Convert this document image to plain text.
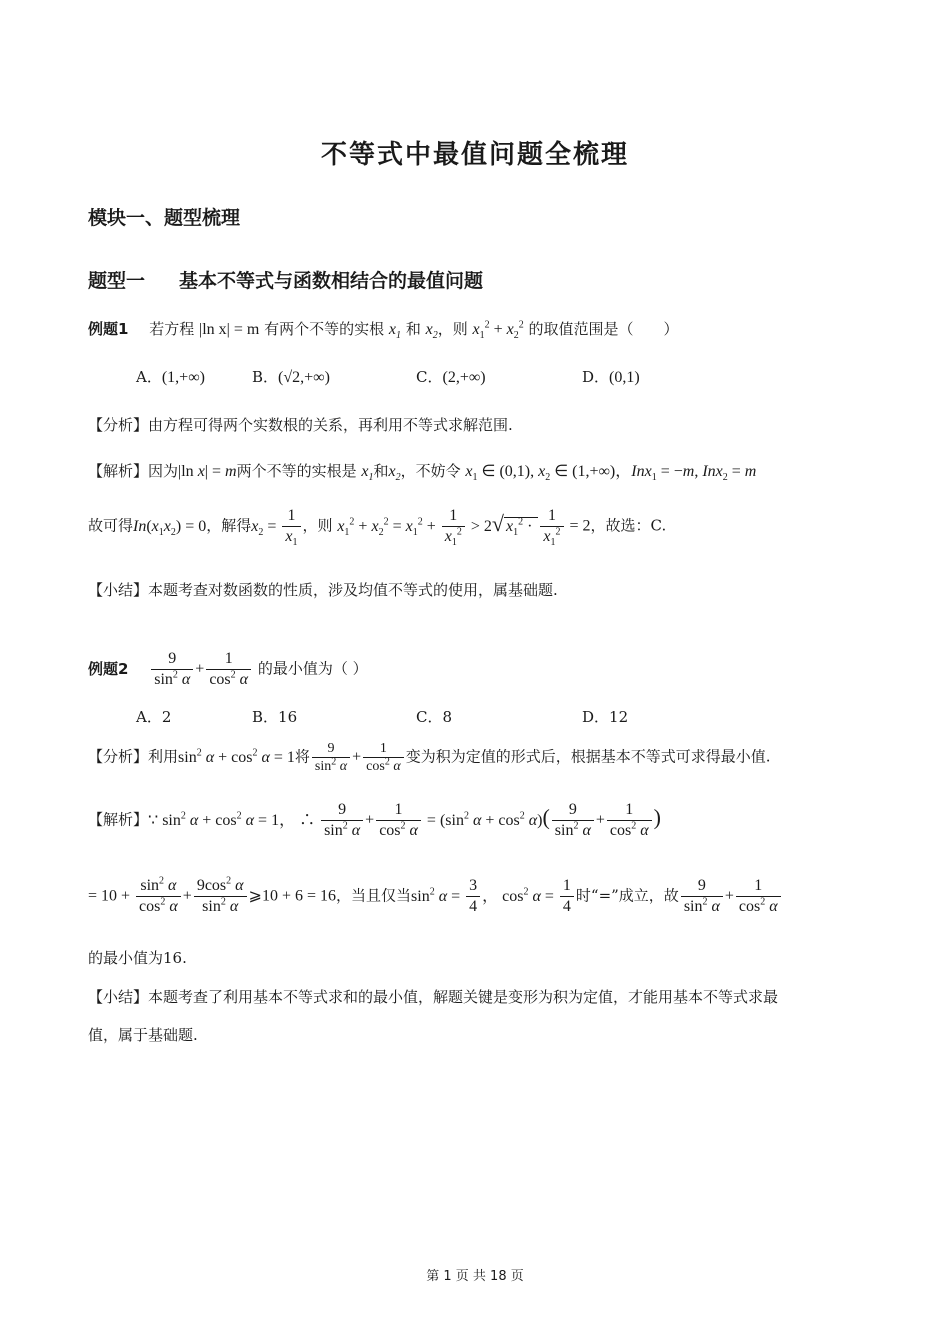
不等式中最值问题全梳理
模块一、题型梳理
题型一 基本不等式与函数相结合的最值问题
例题1 若方程 |ln x| = m 有两个不等的实根 $x_1$ 和 $x_2$，则 $x_1^2 + x_2^2$ 的取值范围是（　　）
A．(1,+∞)	B．(√2,+∞)	C．(2,+∞)	D．(0,1)
【分析】由方程可得两个实数根的关系，再利用不等式求解范围.
【解析】因为|ln x| = m两个不等的实根是 $x_1$和$x_2$，不妨令 $x_1$ ∈ (0,1), $x_2$ ∈ (1,+∞)，Inx$_1$ = −m, Inx$_2$ = m
故可得$In(x_1x_2) = 0$，解得$x_2 = \frac{1}{x_1}$ ，则 $x_1^2 + x_2^2 = x_1^2 + \frac{1}{x_1^2} > 2√$ $x_1^2 \cdot \frac{1}{x_1^2} = 2$，故选：C.
【小结】本题考查对数函数的性质，涉及均值不等式的使用，属基础题.
例题$2 \frac{9}{\sin^2 \alpha} + \frac{1}{\cos^2 \alpha}$ 的最小值为（ ）
A．2	B．16	C．8	D．12
【分析】利用$\sin^2 \alpha + \cos^2 \alpha = 1$将 $\frac{9}{\sin^2 \alpha} + \frac{1}{\cos^2 \alpha}$ 变为积为定值的形式后，根据基本不等式可求得最小值.
【解析】∵ $\sin^2 \alpha + \cos^2 \alpha = 1$， ∴ $\frac{9}{\sin^2 \alpha} + \frac{1}{\cos^2 \alpha} = (\sin^2$ $\alpha + \cos^2 \alpha)( \frac{9}{\sin^2 \alpha} + \frac{1}{\cos^2 \alpha}$ )
= $10 + \frac{\sin^2 \alpha}{\cos^2 \alpha} + \frac{9\cos^2 \alpha}{\sin^2 \alpha}$ ⩾10 + 6 = 16，当且仅当$\sin^2 \alpha = \frac{3}{4}$ ， $\cos^2 \alpha = \frac{1}{4}$ 时“=”成立，故 $\frac{9}{\sin^2 \alpha} + \frac{1}{\cos^2 \alpha}$
的最小值为16.
【小结】本题考查了利用基本不等式求和的最小值，解题关键是变形为积为定值，才能用基本不等式求最
值，属于基础题.
第 1 页 共 18 页
